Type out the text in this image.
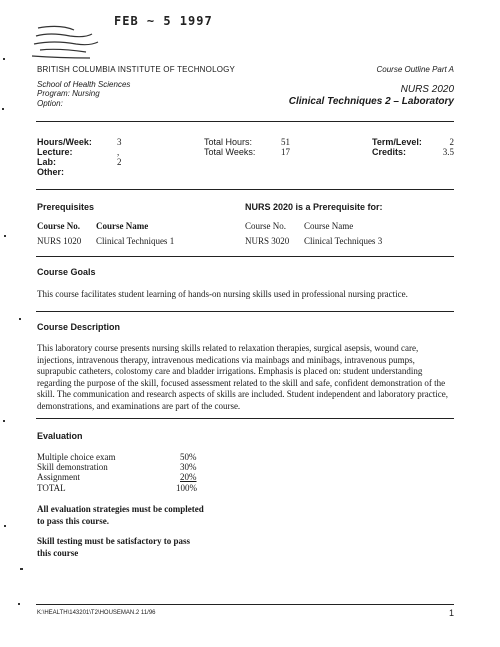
FEB ~ 5 1997
BRITISH COLUMBIA INSTITUTE OF TECHNOLOGY	Course Outline Part A
School of Health Sciences
Program: Nursing
Option:
NURS 2020
Clinical Techniques 2 – Laboratory
Hours/Week:	3
Lecture:	,
Lab:	2
Other:
Total Hours:	51
Total Weeks:	17
Term/Level:	2
Credits:	3.5
Prerequisites	NURS 2020 is a Prerequisite for:
Course No. Course Name	Course No. Course Name
NURS 1020 Clinical Techniques 1	NURS 3020 Clinical Techniques 3
Course Goals
This course facilitates student learning of hands-on nursing skills used in professional nursing practice.
Course Description
This laboratory course presents nursing skills related to relaxation therapies, surgical asepsis, wound care,
injections, intravenous therapy, intravenous medications via mainbags and minibags, intravenous pumps,
suprapubic catheters, colostomy care and bladder irrigations. Emphasis is placed on: student understanding
regarding the purpose of the skill, focused assessment related to the skill and safe, confident demonstration of the
skill. The communication and research aspects of skills are included. Student independent and laboratory practice,
demonstrations, and examinations are part of the course.
Evaluation
Multiple choice exam	50%
Skill demonstration	30%
Assignment	20%
TOTAL	100%
All evaluation strategies must be completed
to pass this course.
Skill testing must be satisfactory to pass
this course
K:\HEALTH\143201\T2\HOUSEMAN.2 11/96	1
